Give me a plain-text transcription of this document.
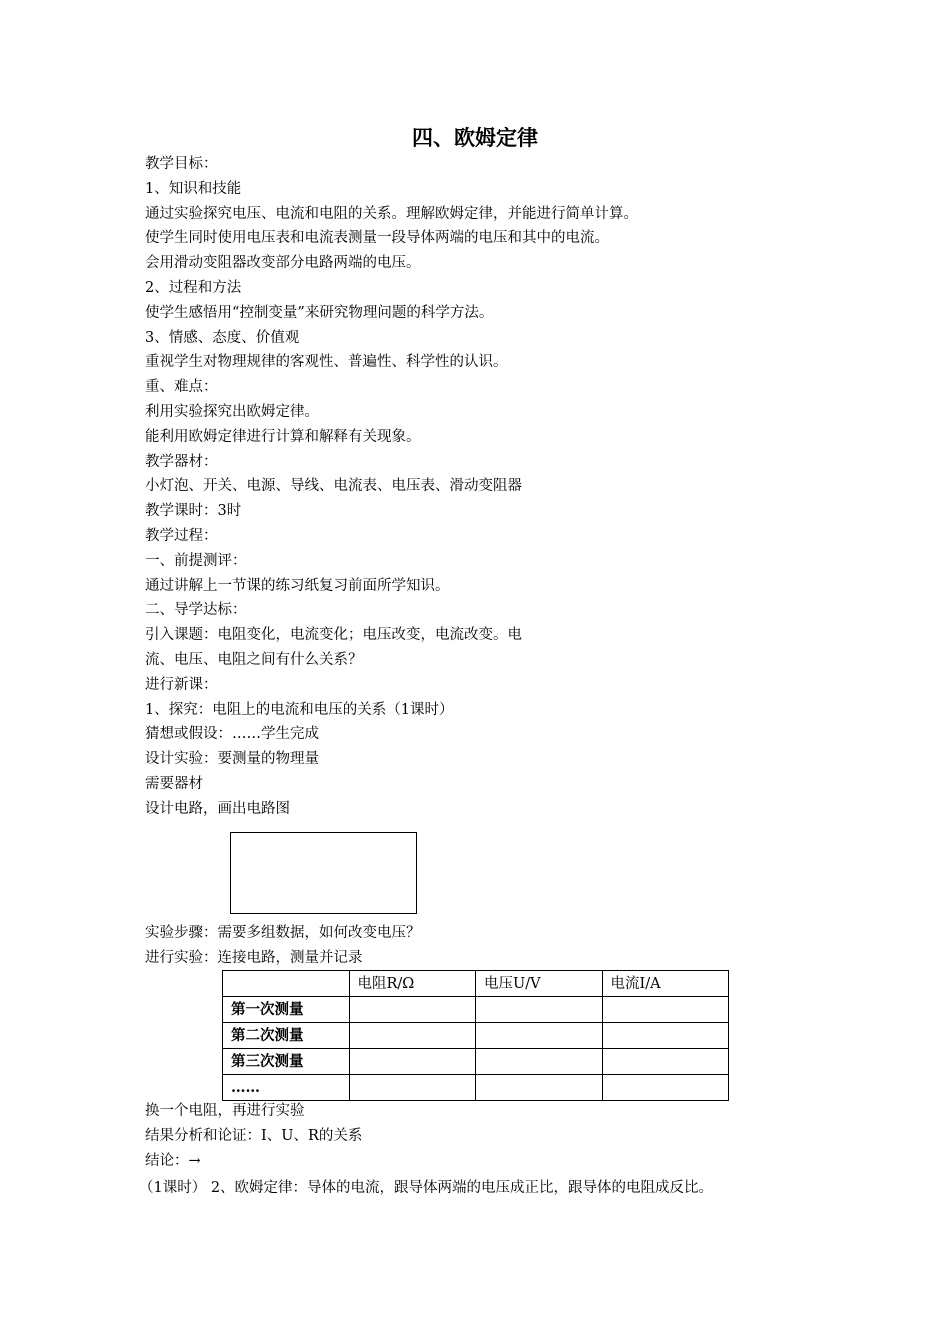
四、欧姆定律
教学目标：
1、知识和技能
通过实验探究电压、电流和电阻的关系。理解欧姆定律，并能进行简单计算。
使学生同时使用电压表和电流表测量一段导体两端的电压和其中的电流。
会用滑动变阻器改变部分电路两端的电压。
2、过程和方法
使学生感悟用“控制变量”来研究物理问题的科学方法。
3、情感、态度、价值观
重视学生对物理规律的客观性、普遍性、科学性的认识。
重、难点：
利用实验探究出欧姆定律。
能利用欧姆定律进行计算和解释有关现象。
教学器材：
小灯泡、开关、电源、导线、电流表、电压表、滑动变阻器
教学课时：3时
教学过程：
一、前提测评：
通过讲解上一节课的练习纸复习前面所学知识。
二、导学达标：
引入课题：电阻变化，电流变化；电压改变，电流改变。电
流、电压、电阻之间有什么关系？
进行新课：
1、探究：电阻上的电流和电压的关系（1课时）
猜想或假设：……学生完成
设计实验：要测量的物理量
需要器材
设计电路，画出电路图
实验步骤：需要多组数据，如何改变电压？
进行实验：连接电路，测量并记录
	电阻R/Ω	电压U/V	电流I/A
第一次测量			
第二次测量			
第三次测量			
……			
换一个电阻，再进行实验
结果分析和论证：I、U、R的关系
结论：→
（1课时） 2、欧姆定律：导体的电流，跟导体两端的电压成正比，跟导体的电阻成反比。
